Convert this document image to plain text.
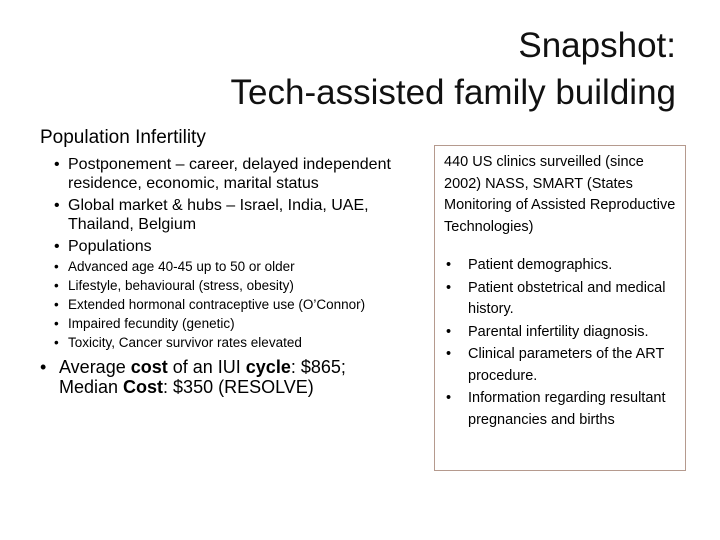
Snapshot:
Tech-assisted family building
Population Infertility
• Postponement – career, delayed independent residence, economic, marital status
• Global market & hubs – Israel, India, UAE, Thailand, Belgium
• Populations
• Advanced age 40-45 up to 50 or older
• Lifestyle, behavioural (stress, obesity)
• Extended hormonal contraceptive use (O’Connor)
• Impaired fecundity (genetic)
• Toxicity, Cancer survivor rates elevated
• Average cost of an IUI cycle: $865; Median Cost: $350 (RESOLVE)
440 US clinics surveilled (since 2002) NASS, SMART (States Monitoring of Assisted Reproductive Technologies)
• Patient demographics.
• Patient obstetrical and medical history.
• Parental infertility diagnosis.
• Clinical parameters of the ART procedure.
• Information regarding resultant pregnancies and births
